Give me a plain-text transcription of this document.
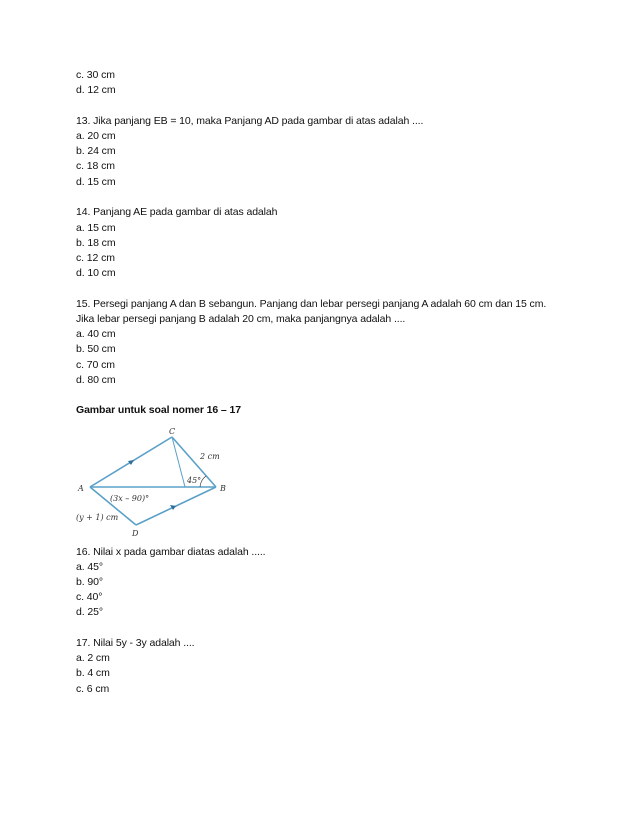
c. 30 cm
d. 12 cm
13. Jika panjang EB = 10, maka Panjang AD pada gambar di atas adalah ....
a. 20 cm
b. 24 cm
c. 18 cm
d. 15 cm
14. Panjang AE pada gambar di atas adalah
a. 15 cm
b. 18 cm
c. 12 cm
d. 10 cm
15. Persegi panjang A dan B sebangun. Panjang dan lebar persegi panjang A adalah 60 cm dan 15 cm.
Jika lebar persegi panjang B adalah 20 cm, maka panjangnya adalah ....
a. 40 cm
b. 50 cm
c. 70 cm
d. 80 cm
Gambar untuk soal nomer 16 – 17
C
A	B
D
2 cm
45°
(3x – 90)°
(y + 1) cm
16. Nilai x pada gambar diatas adalah .....
a. 45°
b. 90°
c. 40°
d. 25°
17. Nilai 5y - 3y adalah ....
a. 2 cm
b. 4 cm
c. 6 cm
